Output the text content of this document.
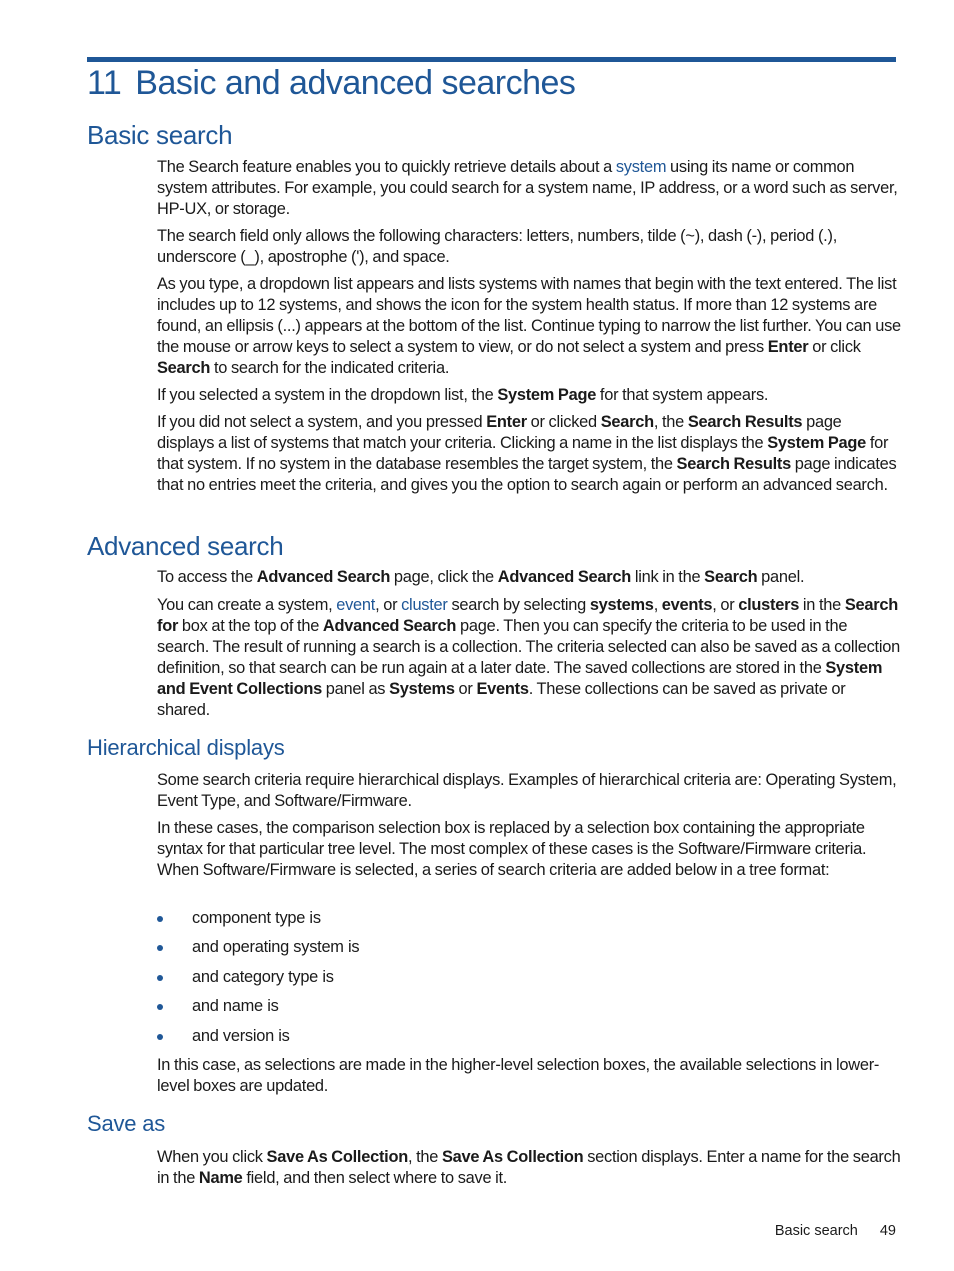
11 Basic and advanced searches
Basic search

The Search feature enables you to quickly retrieve details about a system using its name or common system attributes. For example, you could search for a system name, IP address, or a word such as server, HP-UX, or storage.

The search field only allows the following characters: letters, numbers, tilde (~), dash (-), period (.), underscore (_), apostrophe ('), and space.

As you type, a dropdown list appears and lists systems with names that begin with the text entered. The list includes up to 12 systems, and shows the icon for the system health status. If more than 12 systems are found, an ellipsis (...) appears at the bottom of the list. Continue typing to narrow the list further. You can use the mouse or arrow keys to select a system to view, or do not select a system and press Enter or click Search to search for the indicated criteria.

If you selected a system in the dropdown list, the System Page for that system appears.

If you did not select a system, and you pressed Enter or clicked Search, the Search Results page displays a list of systems that match your criteria. Clicking a name in the list displays the System Page for that system. If no system in the database resembles the target system, the Search Results page indicates that no entries meet the criteria, and gives you the option to search again or perform an advanced search.

Advanced search

To access the Advanced Search page, click the Advanced Search link in the Search panel.

You can create a system, event, or cluster search by selecting systems, events, or clusters in the Search for box at the top of the Advanced Search page. Then you can specify the criteria to be used in the search. The result of running a search is a collection. The criteria selected can also be saved as a collection definition, so that search can be run again at a later date. The saved collections are stored in the System and Event Collections panel as Systems or Events. These collections can be saved as private or shared.

Hierarchical displays

Some search criteria require hierarchical displays. Examples of hierarchical criteria are: Operating System, Event Type, and Software/Firmware.

In these cases, the comparison selection box is replaced by a selection box containing the appropriate syntax for that particular tree level. The most complex of these cases is the Software/Firmware criteria. When Software/Firmware is selected, a series of search criteria are added below in a tree format:

component type is
and operating system is
and category type is
and name is
and version is

In this case, as selections are made in the higher-level selection boxes, the available selections in lower-level boxes are updated.

Save as

When you click Save As Collection, the Save As Collection section displays. Enter a name for the search in the Name field, and then select where to save it.

Basic search 49
